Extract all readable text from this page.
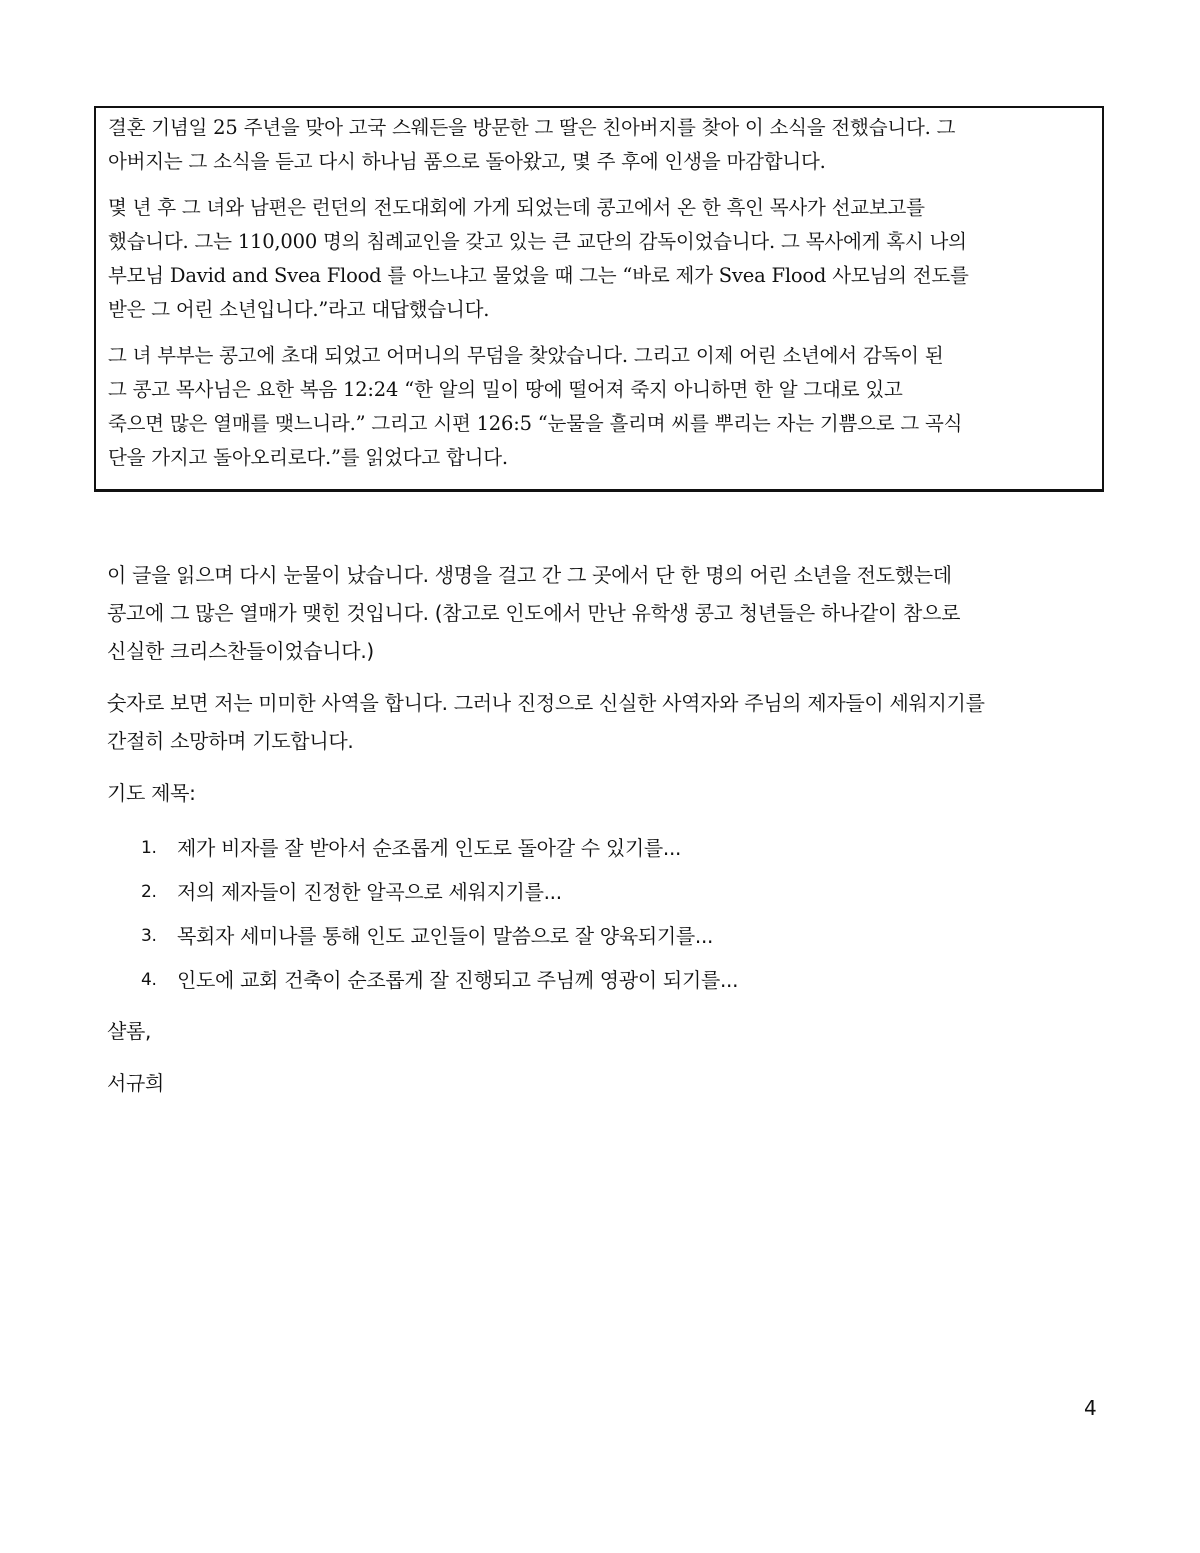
결혼 기념일 25 주년을 맞아 고국 스웨든을 방문한 그 딸은 친아버지를 찾아 이 소식을 전했습니다. 그
아버지는 그 소식을 듣고 다시 하나님 품으로 돌아왔고, 몇 주 후에 인생을 마감합니다.

몇 년 후 그 녀와 남편은 런던의 전도대회에 가게 되었는데 콩고에서 온 한 흑인 목사가 선교보고를
했습니다. 그는 110,000 명의 침례교인을 갖고 있는 큰 교단의 감독이었습니다. 그 목사에게 혹시 나의
부모님 David and Svea Flood 를 아느냐고 물었을 때 그는 “바로 제가 Svea Flood 사모님의 전도를
받은 그 어린 소년입니다.”라고 대답했습니다.

그 녀 부부는 콩고에 초대 되었고 어머니의 무덤을 찾았습니다. 그리고 이제 어린 소년에서 감독이 된
그 콩고 목사님은 요한 복음 12:24 “한 알의 밀이 땅에 떨어져 죽지 아니하면 한 알 그대로 있고
죽으면 많은 열매를 맺느니라.” 그리고 시편 126:5 “눈물을 흘리며 씨를 뿌리는 자는 기쁨으로 그 곡식
단을 가지고 돌아오리로다.”를 읽었다고 합니다.

이 글을 읽으며 다시 눈물이 났습니다. 생명을 걸고 간 그 곳에서 단 한 명의 어린 소년을 전도했는데
콩고에 그 많은 열매가 맺힌 것입니다. (참고로 인도에서 만난 유학생 콩고 청년들은 하나같이 참으로
신실한 크리스찬들이었습니다.)

숫자로 보면 저는 미미한 사역을 합니다. 그러나 진정으로 신실한 사역자와 주님의 제자들이 세워지기를
간절히 소망하며 기도합니다.

기도 제목:

1. 제가 비자를 잘 받아서 순조롭게 인도로 돌아갈 수 있기를...
2. 저의 제자들이 진정한 알곡으로 세워지기를...
3. 목회자 세미나를 통해 인도 교인들이 말씀으로 잘 양육되기를...
4. 인도에 교회 건축이 순조롭게 잘 진행되고 주님께 영광이 되기를...

샬롬,

서규희

4
